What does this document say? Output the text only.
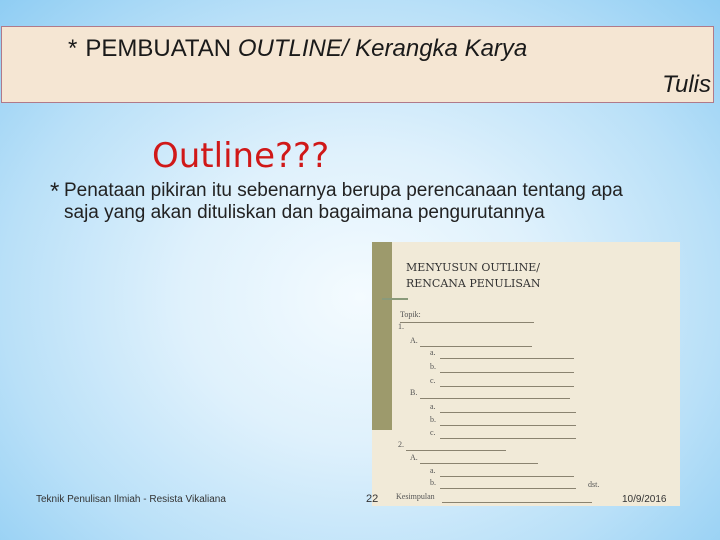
* PEMBUATAN OUTLINE/ Kerangka Karya
Tulis
Outline???
* Penataan pikiran itu sebenarnya berupa perencanaan tentang apa saja yang akan dituliskan dan bagaimana pengurutannya
MENYUSUN OUTLINE/
RENCANA PENULISAN
Topik:
1.
A.
a.
b.
c.
B.
a.
b.
c.
2.
A.
a.
b.	dst.
Kesimpulan
Teknik Penulisan Ilmiah - Resista Vikaliana	22	10/9/2016
